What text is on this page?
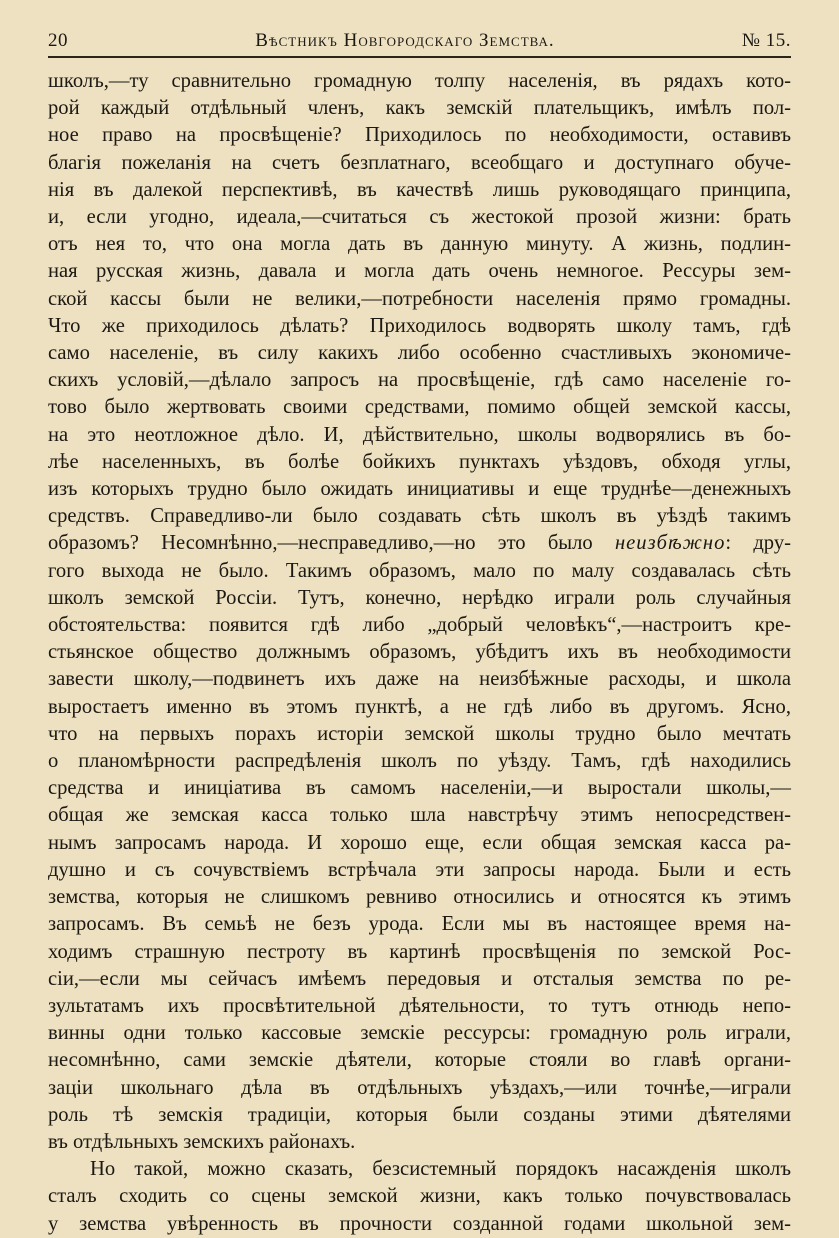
20	Вѣстникъ Новгородскаго Земства.	№ 15.
школъ,—ту сравнительно громадную толпу населенія, въ рядахъ кото-
рой каждый отдѣльный членъ, какъ земскій плательщикъ, имѣлъ пол-
ное право на просвѣщеніе? Приходилось по необходимости, оставивъ
благія пожеланія на счетъ безплатнаго, всеобщаго и доступнаго обуче-
нія въ далекой перспективѣ, въ качествѣ лишь руководящаго принципа,
и, если угодно, идеала,—считаться съ жестокой прозой жизни: брать
отъ нея то, что она могла дать въ данную минуту. А жизнь, подлин-
ная русская жизнь, давала и могла дать очень немногое. Рессуры зем-
ской кассы были не велики,—потребности населенія прямо громадны.
Что же приходилось дѣлать? Приходилось водворять школу тамъ, гдѣ
само населеніе, въ силу какихъ либо особенно счастливыхъ экономиче-
скихъ условій,—дѣлало запросъ на просвѣщеніе, гдѣ само населеніе го-
тово было жертвовать своими средствами, помимо общей земской кассы,
на это неотложное дѣло. И, дѣйствительно, школы водворялись въ бо-
лѣе населенныхъ, въ болѣе бойкихъ пунктахъ уѣздовъ, обходя углы,
изъ которыхъ трудно было ожидать инициативы и еще труднѣе—денежныхъ
средствъ. Справедливо-ли было создавать сѣть школъ въ уѣздѣ такимъ
образомъ? Несомнѣнно,—несправедливо,—но это было неизбѣжно: дру-
гого выхода не было. Такимъ образомъ, мало по малу создавалась сѣть
школъ земской Россіи. Тутъ, конечно, нерѣдко играли роль случайныя
обстоятельства: появится гдѣ либо „добрый человѣкъ“,—настроитъ кре-
стьянское общество должнымъ образомъ, убѣдитъ ихъ въ необходимости
завести школу,—подвинетъ ихъ даже на неизбѣжные расходы, и школа
выростаетъ именно въ этомъ пунктѣ, а не гдѣ либо въ другомъ. Ясно,
что на первыхъ порахъ исторіи земской школы трудно было мечтать
о планомѣрности распредѣленія школъ по уѣзду. Тамъ, гдѣ находились
средства и иниціатива въ самомъ населеніи,—и выростали школы,—
общая же земская касса только шла навстрѣчу этимъ непосредствен-
нымъ запросамъ народа. И хорошо еще, если общая земская касса ра-
душно и съ сочувствіемъ встрѣчала эти запросы народа. Были и есть
земства, которыя не слишкомъ ревниво относились и относятся къ этимъ
запросамъ. Въ семьѣ не безъ урода. Если мы въ настоящее время на-
ходимъ страшную пестроту въ картинѣ просвѣщенія по земской Рос-
сіи,—если мы сейчасъ имѣемъ передовыя и отсталыя земства по ре-
зультатамъ ихъ просвѣтительной дѣятельности, то тутъ отнюдь непо-
винны одни только кассовые земскіе рессурсы: громадную роль играли,
несомнѣнно, сами земскіе дѣятели, которые стояли во главѣ органи-
заціи школьнаго дѣла въ отдѣльныхъ уѣздахъ,—или точнѣе,—играли
роль тѣ земскія традиціи, которыя были созданы этими дѣятелями
въ отдѣльныхъ земскихъ районахъ.
Но такой, можно сказать, безсистемный порядокъ насажденія школъ
сталъ сходить со сцены земской жизни, какъ только почувствовалась
у земства увѣренность въ прочности созданной годами школьной зем-
